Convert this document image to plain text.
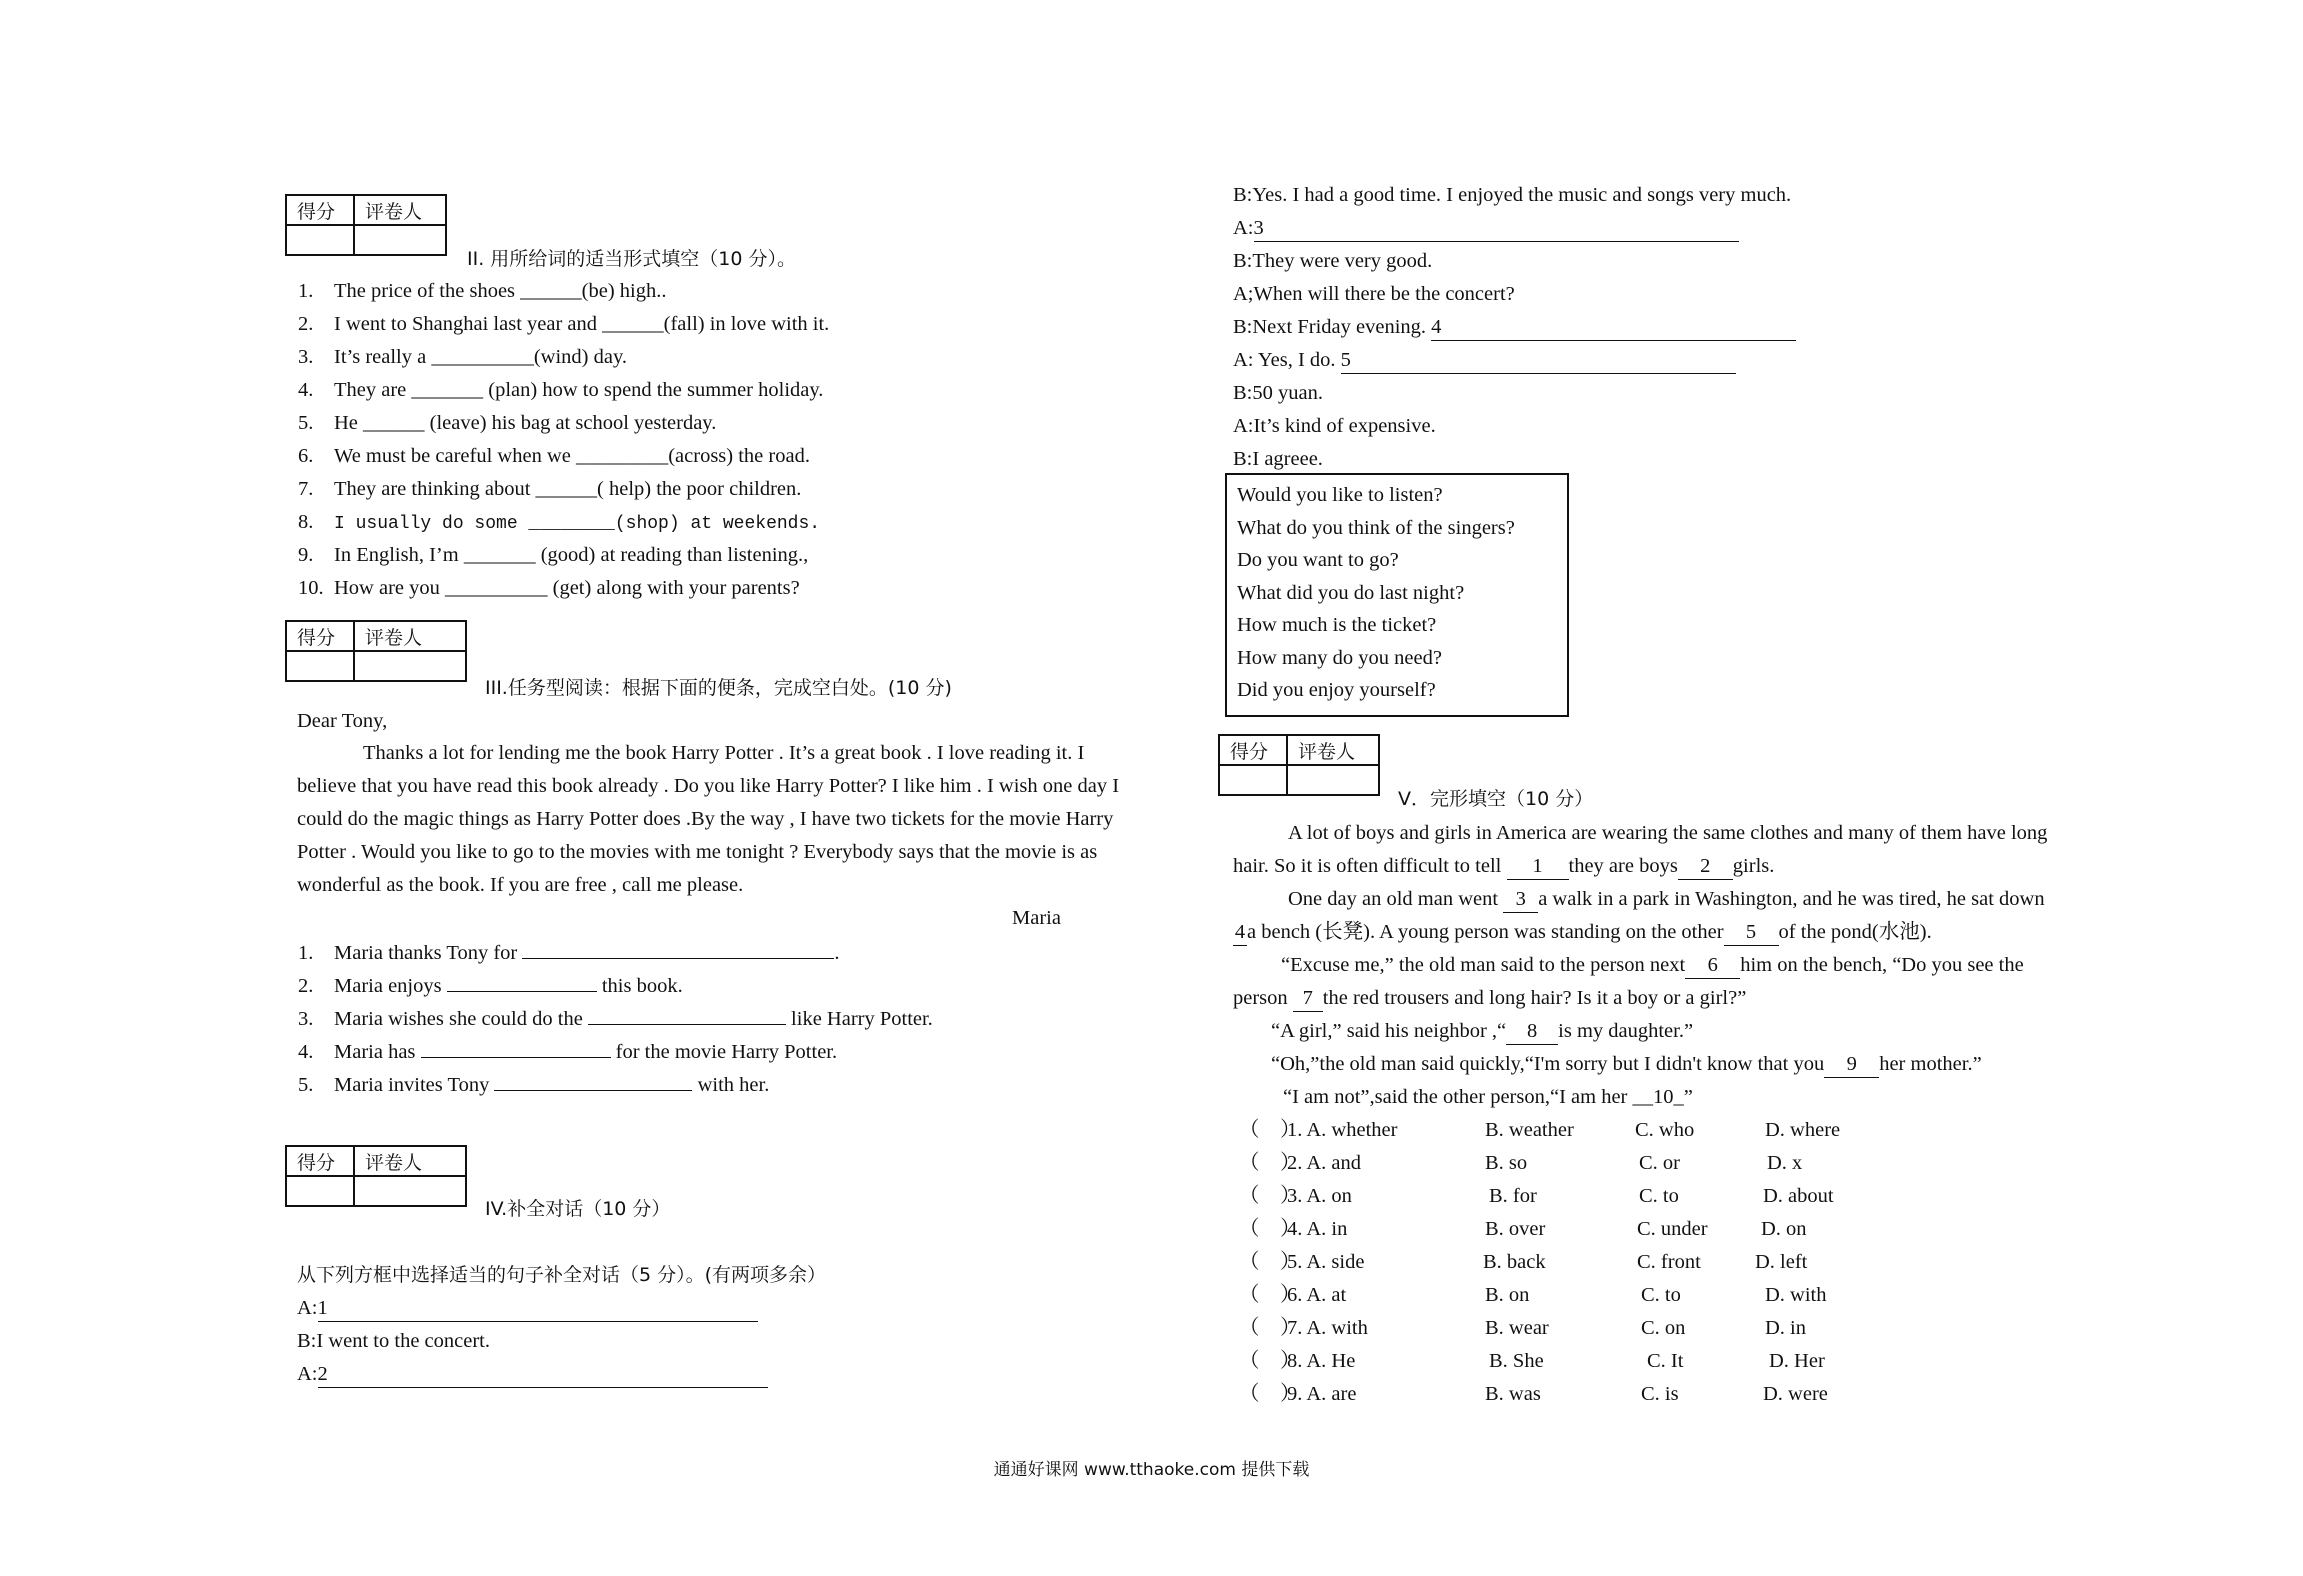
得分	评卷人

II. 用所给词的适当形式填空（10 分）。
1. The price of the shoes ______(be) high..
2. I went to Shanghai last year and ______(fall) in love with it.
3. It’s really a __________(wind) day.
4. They are _______ (plan) how to spend the summer holiday.
5. He ______ (leave) his bag at school yesterday.
6. We must be careful when we _________(across) the road.
7. They are thinking about ______( help) the poor children.
8. I usually do some ________(shop) at weekends.
9. In English, I’m _______ (good) at reading than listening.,
10. How are you __________ (get) along with your parents?
得分	评卷人

III.任务型阅读：根据下面的便条，完成空白处。(10 分)
Dear Tony,
Thanks a lot for lending me the book Harry Potter . It’s a great book . I love reading it. I
believe that you have read this book already . Do you like Harry Potter? I like him . I wish one day I
could do the magic things as Harry Potter does .By the way , I have two tickets for the movie Harry
Potter . Would you like to go to the movies with me tonight ? Everybody says that the movie is as
wonderful as the book. If you are free , call me please.
Maria
1. Maria thanks Tony for	.
2. Maria enjoys	this book.
3. Maria wishes she could do the	like Harry Potter.
4. Maria has	for the movie Harry Potter.
5. Maria invites Tony	with her.
得分	评卷人

IV.补全对话（10 分）
从下列方框中选择适当的句子补全对话（5 分）。(有两项多余）
A:1
B:I went to the concert.
A:2
B:Yes. I had a good time. I enjoyed the music and songs very much.
A:3
B:They were very good.
A;When will there be the concert?
B:Next Friday evening. 4
A: Yes, I do. 5
B:50 yuan.
A:It’s kind of expensive.
B:I agreee.
Would you like to listen?
What do you think of the singers?
Do you want to go?
What did you do last night?
How much is the ticket?
How many do you need?
Did you enjoy yourself?
得分	评卷人

V．完形填空（10 分）
A lot of boys and girls in America are wearing the same clothes and many of them have long
hair. So it is often difficult to tell 1 they are boys 2 girls.
One day an old man went 3 a walk in a park in Washington, and he was tired, he sat down
4a bench (长凳). A young person was standing on the other 5 of the pond(水池).
“Excuse me,” the old man said to the person next 6 him on the bench, “Do you see the
person 7 the red trousers and long hair? Is it a boy or a girl?”
“A girl,” said his neighbor ,“ 8 is my daughter.”
“Oh,”the old man said quickly,“I'm sorry but I didn't know that you 9 her mother.”
“I am not”,said the other person,“I am her __10_”
（　）
1. A. whether	B. weather	C. who	D. where
（　）
2. A. and	B. so	C. or	D. x
（　）
3. A. on	B. for	C. to	D. about
（　）
4. A. in	B. over	C. under	D. on
（　）
5. A. side	B. back	C. front	D. left
（　）
6. A. at	B. on	C. to	D. with
（　）
7. A. with	B. wear	C. on	D. in
（　）
8. A. He	B. She	C. It	D. Her
（　）
9. A. are	B. was	C. is	D. were
通通好课网 www.tthaoke.com 提供下载
